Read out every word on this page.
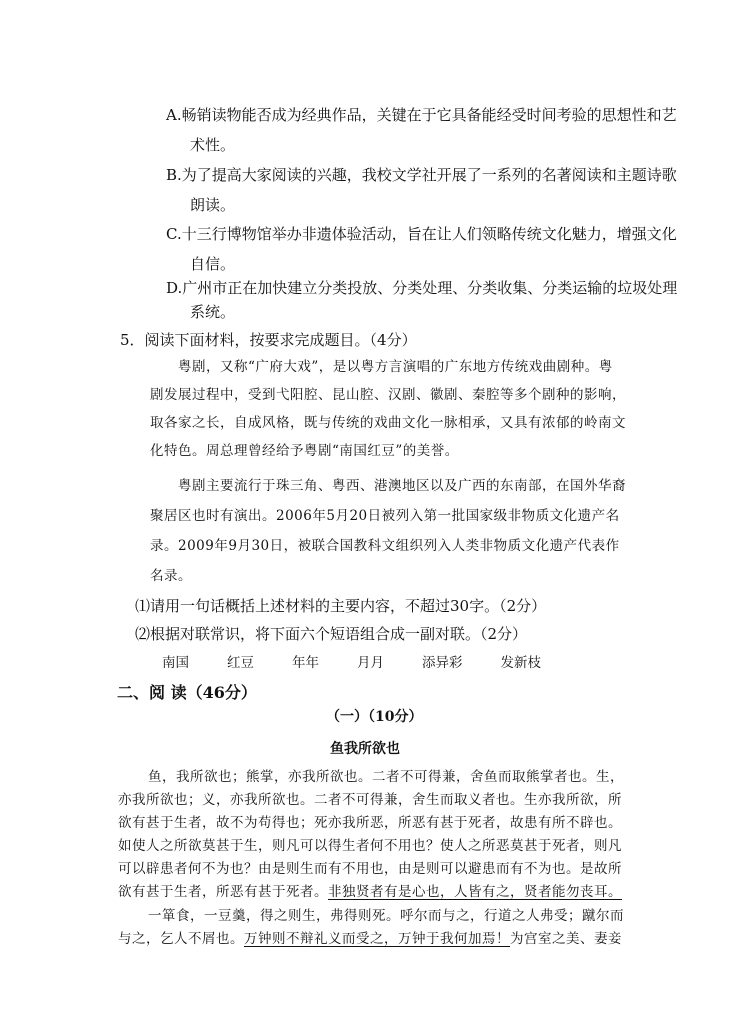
A.畅销读物能否成为经典作品，关键在于它具备能经受时间考验的思想性和艺
术性。
B.为了提高大家阅读的兴趣，我校文学社开展了一系列的名著阅读和主题诗歌
朗读。
C.十三行博物馆举办非遗体验活动，旨在让人们领略传统文化魅力，增强文化
自信。
D.广州市正在加快建立分类投放、分类处理、分类收集、分类运输的垃圾处理
系统。
5．阅读下面材料，按要求完成题目。（4分）
粤剧，又称“广府大戏”，是以粤方言演唱的广东地方传统戏曲剧种。粤
剧发展过程中，受到弋阳腔、昆山腔、汉剧、徽剧、秦腔等多个剧种的影响，
取各家之长，自成风格，既与传统的戏曲文化一脉相承，又具有浓郁的岭南文
化特色。周总理曾经给予粤剧“南国红豆”的美誉。
粤剧主要流行于珠三角、粤西、港澳地区以及广西的东南部，在国外华裔
聚居区也时有演出。2006年5月20日被列入第一批国家级非物质文化遗产名
录。2009年9月30日，被联合国教科文组织列入人类非物质文化遗产代表作
名录。
⑴请用一句话概括上述材料的主要内容，不超过30字。（2分）
⑵根据对联常识，将下面六个短语组合成一副对联。（2分）
南国	红豆	年年	月月	添异彩	发新枝
二、阅 读（46分）
（一）（10分）
鱼我所欲也
鱼，我所欲也；熊掌，亦我所欲也。二者不可得兼，舍鱼而取熊掌者也。生，
亦我所欲也；义，亦我所欲也。二者不可得兼，舍生而取义者也。生亦我所欲，所
欲有甚于生者，故不为苟得也；死亦我所恶，所恶有甚于死者，故患有所不辟也。
如使人之所欲莫甚于生，则凡可以得生者何不用也？使人之所恶莫甚于死者，则凡
可以辟患者何不为也？由是则生而有不用也，由是则可以避患而有不为也。是故所
欲有甚于生者，所恶有甚于死者。非独贤者有是心也，人皆有之，贤者能勿丧耳。
一箪食，一豆羹，得之则生，弗得则死。呼尔而与之，行道之人弗受；蹴尔而
与之，乞人不屑也。万钟则不辩礼义而受之，万钟于我何加焉！为宫室之美、妻妾
